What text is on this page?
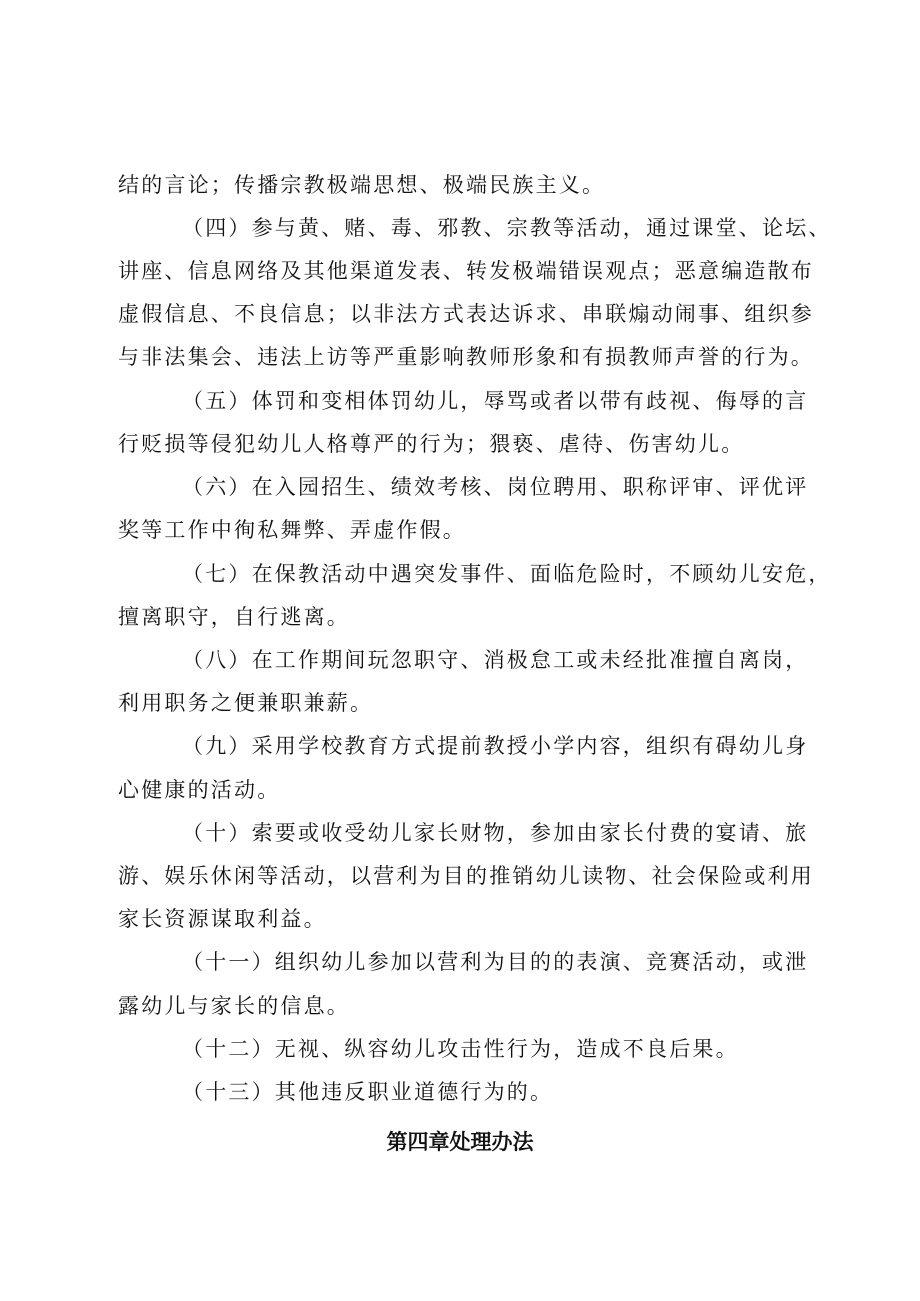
结的言论；传播宗教极端思想、极端民族主义。
（四）参与黄、赌、毒、邪教、宗教等活动，通过课堂、论坛、
讲座、信息网络及其他渠道发表、转发极端错误观点；恶意编造散布
虚假信息、不良信息；以非法方式表达诉求、串联煽动闹事、组织参
与非法集会、违法上访等严重影响教师形象和有损教师声誉的行为。
（五）体罚和变相体罚幼儿，辱骂或者以带有歧视、侮辱的言
行贬损等侵犯幼儿人格尊严的行为；猥亵、虐待、伤害幼儿。
（六）在入园招生、绩效考核、岗位聘用、职称评审、评优评
奖等工作中徇私舞弊、弄虚作假。
（七）在保教活动中遇突发事件、面临危险时，不顾幼儿安危，
擅离职守，自行逃离。
（八）在工作期间玩忽职守、消极怠工或未经批准擅自离岗，
利用职务之便兼职兼薪。
（九）采用学校教育方式提前教授小学内容，组织有碍幼儿身
心健康的活动。
（十）索要或收受幼儿家长财物，参加由家长付费的宴请、旅
游、娱乐休闲等活动，以营利为目的推销幼儿读物、社会保险或利用
家长资源谋取利益。
（十一）组织幼儿参加以营利为目的的表演、竞赛活动，或泄
露幼儿与家长的信息。
（十二）无视、纵容幼儿攻击性行为，造成不良后果。
（十三）其他违反职业道德行为的。
第四章处理办法
